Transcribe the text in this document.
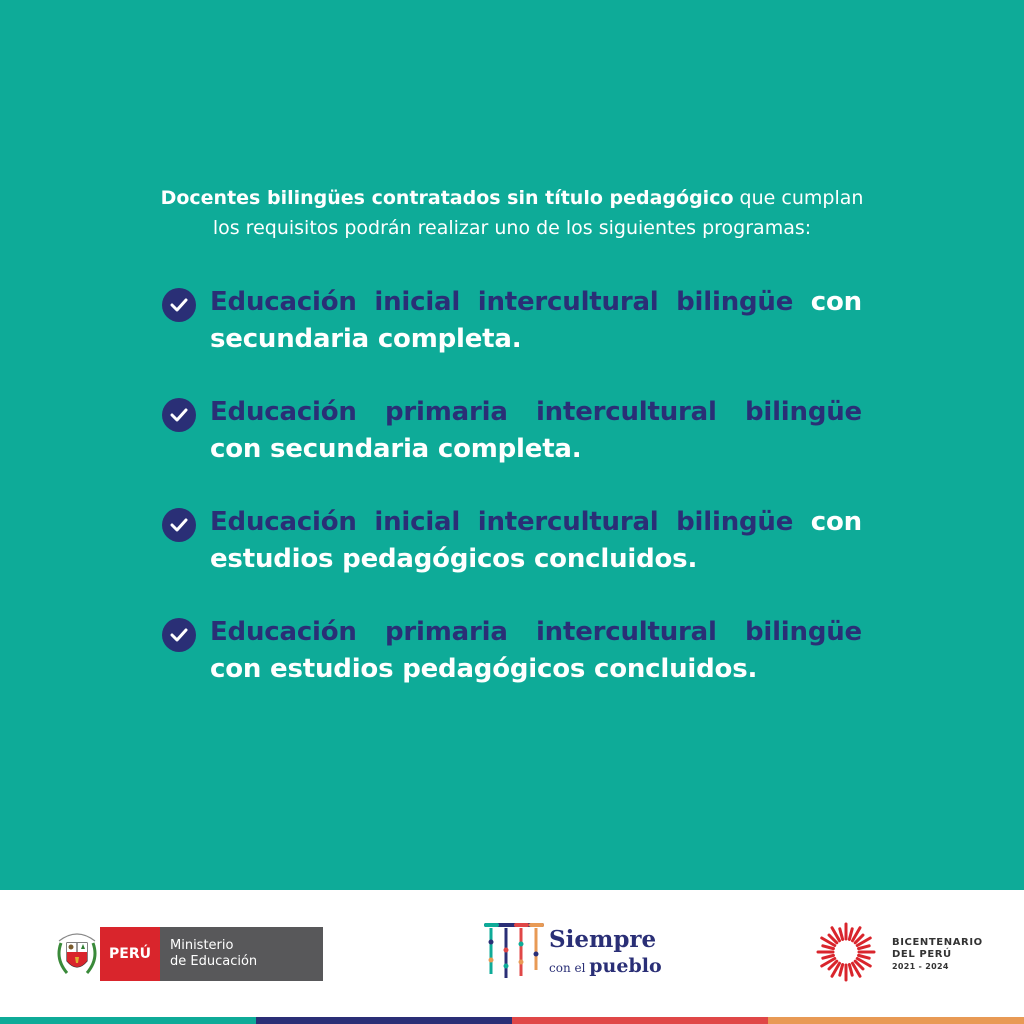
Docentes bilingües contratados sin título pedagógico que cumplan
los requisitos podrán realizar uno de los siguientes programas:
Educación inicial intercultural bilingüe con secundaria completa.
Educación primaria intercultural bilingüe con secundaria completa.
Educación inicial intercultural bilingüe con estudios pedagógicos concluidos.
Educación primaria intercultural bilingüe con estudios pedagógicos concluidos.
PERÚ
Ministerio
de Educación
Siempre
con el pueblo
BICENTENARIO
DEL PERÚ
2021 - 2024
